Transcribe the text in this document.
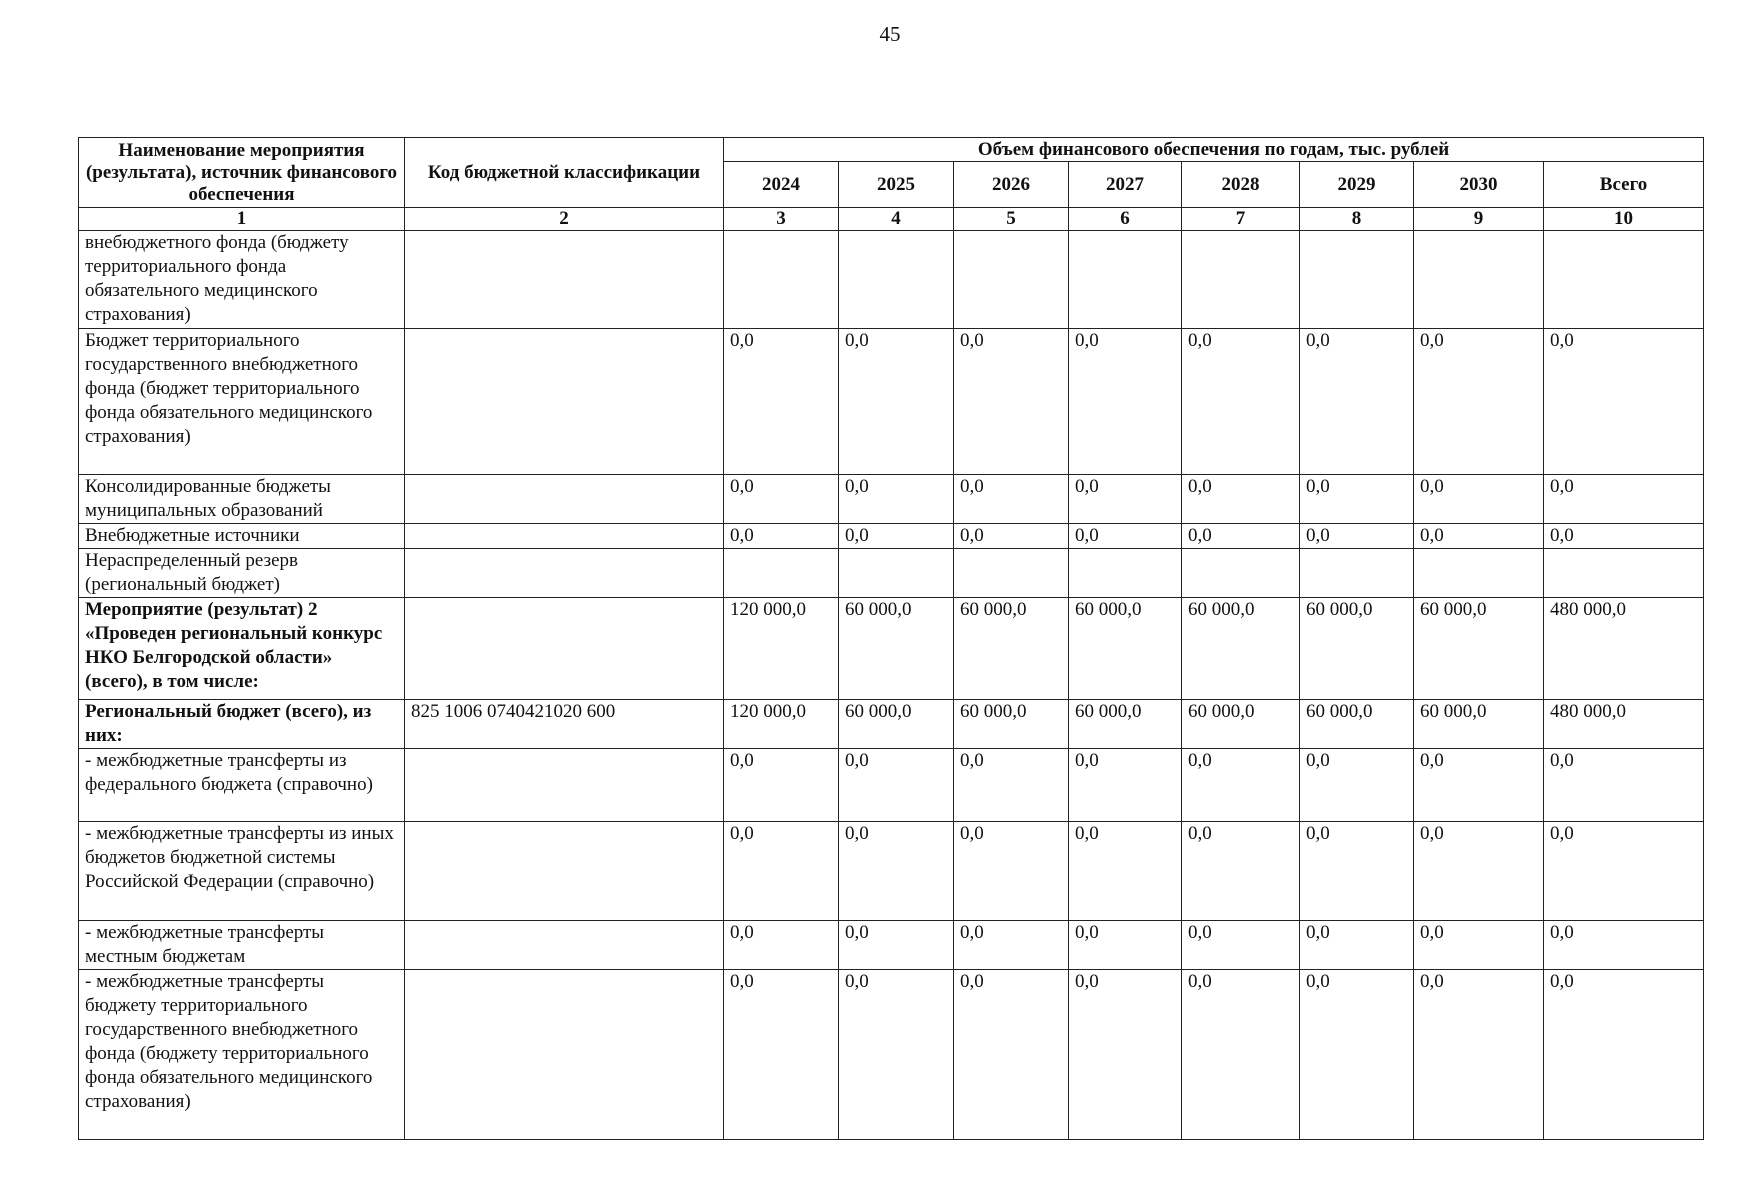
45
Наименование мероприятия (результата), источник финансового обеспечения	Код бюджетной классификации	Объем финансового обеспечения по годам, тыс. рублей							
		2024	2025	2026	2027	2028	2029	2030	Всего
1	2	3	4	5	6	7	8	9	10
внебюджетного фонда (бюджету территориального фонда обязательного медицинского страхования)									
Бюджет территориального государственного внебюджетного фонда (бюджет территориального фонда обязательного медицинского страхования)		0,0	0,0	0,0	0,0	0,0	0,0	0,0	0,0
Консолидированные бюджеты муниципальных образований		0,0	0,0	0,0	0,0	0,0	0,0	0,0	0,0
Внебюджетные источники		0,0	0,0	0,0	0,0	0,0	0,0	0,0	0,0
Нераспределенный резерв (региональный бюджет)									
Мероприятие (результат) 2 «Проведен региональный конкурс НКО Белгородской области» (всего), в том числе:		120 000,0	60 000,0	60 000,0	60 000,0	60 000,0	60 000,0	60 000,0	480 000,0
Региональный бюджет (всего), из них:	825 1006 0740421020 600	120 000,0	60 000,0	60 000,0	60 000,0	60 000,0	60 000,0	60 000,0	480 000,0
- межбюджетные трансферты из федерального бюджета (справочно)		0,0	0,0	0,0	0,0	0,0	0,0	0,0	0,0
- межбюджетные трансферты из иных бюджетов бюджетной системы Российской Федерации (справочно)		0,0	0,0	0,0	0,0	0,0	0,0	0,0	0,0
- межбюджетные трансферты местным бюджетам		0,0	0,0	0,0	0,0	0,0	0,0	0,0	0,0
- межбюджетные трансферты бюджету территориального государственного внебюджетного фонда (бюджету территориального фонда обязательного медицинского страхования)		0,0	0,0	0,0	0,0	0,0	0,0	0,0	0,0
